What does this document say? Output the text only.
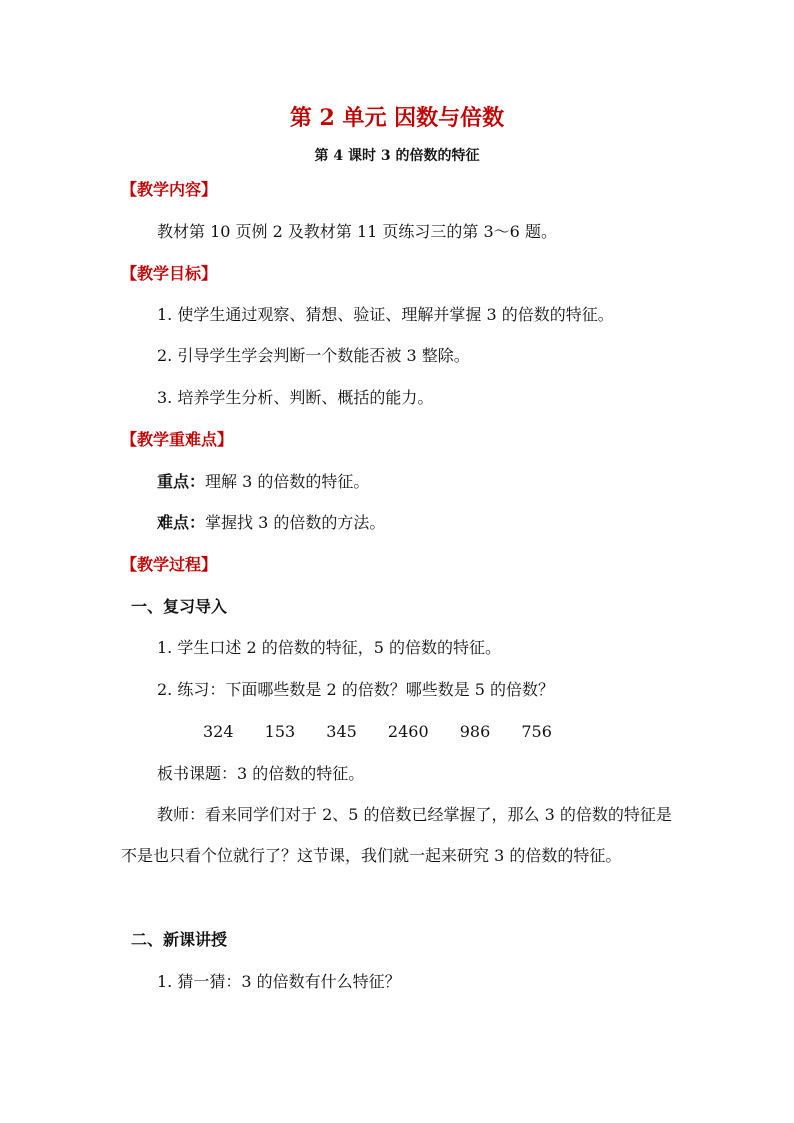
第 2 单元 因数与倍数
第 4 课时 3 的倍数的特征
【教学内容】
教材第 10 页例 2 及教材第 11 页练习三的第 3～6 题。
【教学目标】
1. 使学生通过观察、猜想、验证、理解并掌握 3 的倍数的特征。
2. 引导学生学会判断一个数能否被 3 整除。
3. 培养学生分析、判断、概括的能力。
【教学重难点】
重点：理解 3 的倍数的特征。
难点：掌握找 3 的倍数的方法。
【教学过程】
一、复习导入
1. 学生口述 2 的倍数的特征，5 的倍数的特征。
2. 练习：下面哪些数是 2 的倍数？哪些数是 5 的倍数？
324 153 345 2460 986 756
板书课题：3 的倍数的特征。
教师：看来同学们对于 2、5 的倍数已经掌握了，那么 3 的倍数的特征是不是也只看个位就行了？这节课，我们就一起来研究 3 的倍数的特征。
二、新课讲授
1. 猜一猜：3 的倍数有什么特征？
